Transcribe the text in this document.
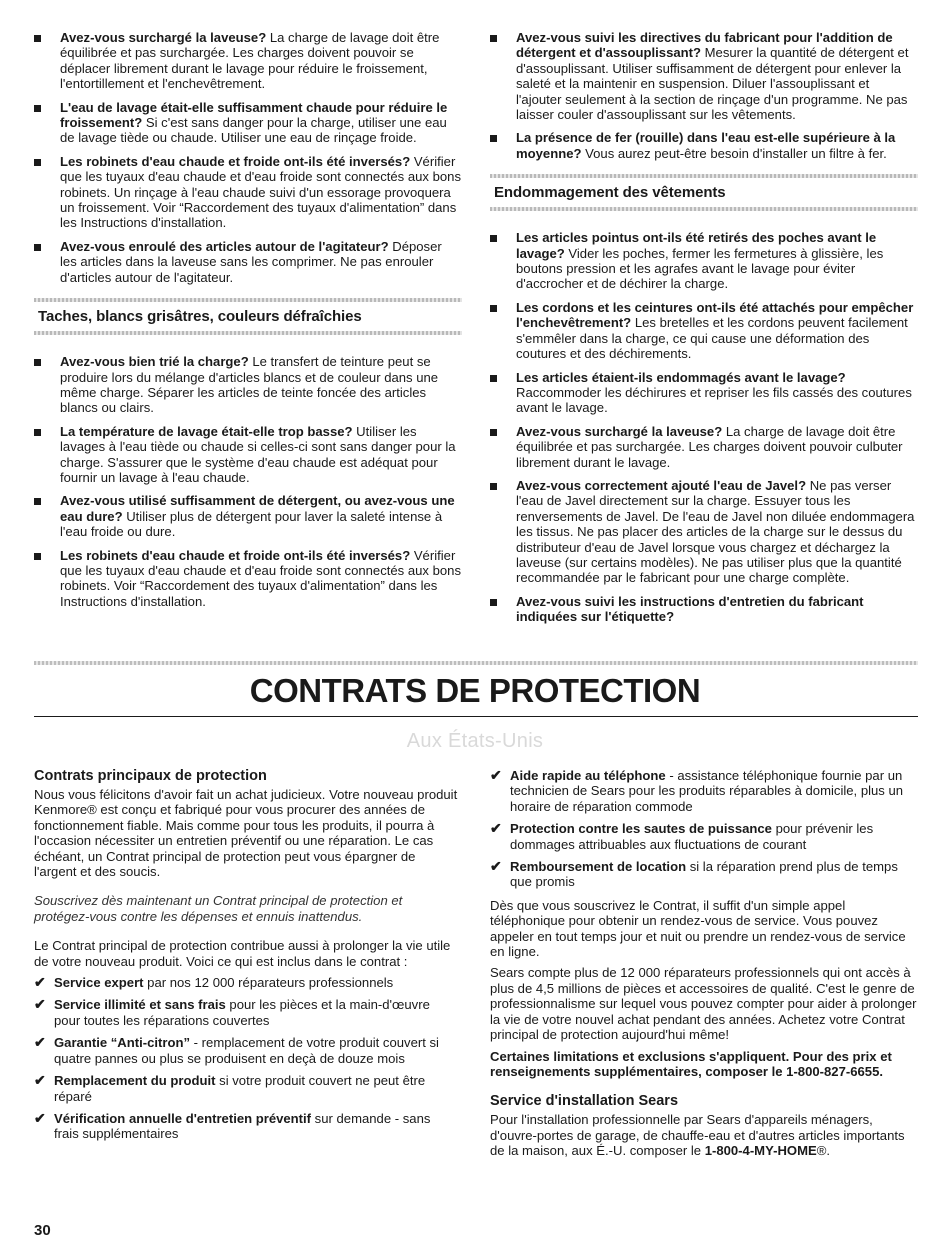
Avez-vous surchargé la laveuse? La charge de lavage doit être équilibrée et pas surchargée. Les charges doivent pouvoir se déplacer librement durant le lavage pour réduire le froissement, l'entortillement et l'enchevêtrement.
L'eau de lavage était-elle suffisamment chaude pour réduire le froissement? Si c'est sans danger pour la charge, utiliser une eau de lavage tiède ou chaude. Utiliser une eau de rinçage froide.
Les robinets d'eau chaude et froide ont-ils été inversés? Vérifier que les tuyaux d'eau chaude et d'eau froide sont connectés aux bons robinets. Un rinçage à l'eau chaude suivi d'un essorage provoquera un froissement. Voir “Raccordement des tuyaux d'alimentation” dans les Instructions d'installation.
Avez-vous enroulé des articles autour de l'agitateur? Déposer les articles dans la laveuse sans les comprimer. Ne pas enrouler d'articles autour de l'agitateur.
Taches, blancs grisâtres, couleurs défraîchies
Avez-vous bien trié la charge? Le transfert de teinture peut se produire lors du mélange d'articles blancs et de couleur dans une même charge. Séparer les articles de teinte foncée des articles blancs ou clairs.
La température de lavage était-elle trop basse? Utiliser les lavages à l'eau tiède ou chaude si celles-ci sont sans danger pour la charge. S'assurer que le système d'eau chaude est adéquat pour fournir un lavage à l'eau chaude.
Avez-vous utilisé suffisamment de détergent, ou avez-vous une eau dure? Utiliser plus de détergent pour laver la saleté intense à l'eau froide ou dure.
Les robinets d'eau chaude et froide ont-ils été inversés? Vérifier que les tuyaux d'eau chaude et d'eau froide sont connectés aux bons robinets. Voir “Raccordement des tuyaux d'alimentation” dans les Instructions d'installation.
Avez-vous suivi les directives du fabricant pour l'addition de détergent et d'assouplissant? Mesurer la quantité de détergent et d'assouplissant. Utiliser suffisamment de détergent pour enlever la saleté et la maintenir en suspension. Diluer l'assouplissant et l'ajouter seulement à la section de rinçage d'un programme. Ne pas laisser couler d'assouplissant sur les vêtements.
La présence de fer (rouille) dans l'eau est-elle supérieure à la moyenne? Vous aurez peut-être besoin d'installer un filtre à fer.
Endommagement des vêtements
Les articles pointus ont-ils été retirés des poches avant le lavage? Vider les poches, fermer les fermetures à glissière, les boutons pression et les agrafes avant le lavage pour éviter d'accrocher et de déchirer la charge.
Les cordons et les ceintures ont-ils été attachés pour empêcher l'enchevêtrement? Les bretelles et les cordons peuvent facilement s'emmêler dans la charge, ce qui cause une déformation des coutures et des déchirements.
Les articles étaient-ils endommagés avant le lavage? Raccommoder les déchirures et repriser les fils cassés des coutures avant le lavage.
Avez-vous surchargé la laveuse? La charge de lavage doit être équilibrée et pas surchargée. Les charges doivent pouvoir culbuter librement durant le lavage.
Avez-vous correctement ajouté l'eau de Javel? Ne pas verser l'eau de Javel directement sur la charge. Essuyer tous les renversements de Javel. De l'eau de Javel non diluée endommagera les tissus. Ne pas placer des articles de la charge sur le dessus du distributeur d'eau de Javel lorsque vous chargez et déchargez la laveuse (sur certains modèles). Ne pas utiliser plus que la quantité recommandée par le fabricant pour une charge complète.
Avez-vous suivi les instructions d'entretien du fabricant indiquées sur l'étiquette?
CONTRATS DE PROTECTION
Aux États-Unis
Contrats principaux de protection

Nous vous félicitons d'avoir fait un achat judicieux. Votre nouveau produit Kenmore® est conçu et fabriqué pour vous procurer des années de fonctionnement fiable. Mais comme pour tous les produits, il pourra à l'occasion nécessiter un entretien préventif ou une réparation. Le cas échéant, un Contrat principal de protection peut vous épargner de l'argent et des soucis.

Souscrivez dès maintenant un Contrat principal de protection et protégez-vous contre les dépenses et ennuis inattendus.

Le Contrat principal de protection contribue aussi à prolonger la vie utile de votre nouveau produit. Voici ce qui est inclus dans le contrat :

✔ Service expert par nos 12 000 réparateurs professionnels
✔ Service illimité et sans frais pour les pièces et la main-d'œuvre pour toutes les réparations couvertes
✔ Garantie “Anti-citron” - remplacement de votre produit couvert si quatre pannes ou plus se produisent en deçà de douze mois
✔ Remplacement du produit si votre produit couvert ne peut être réparé
✔ Vérification annuelle d'entretien préventif sur demande - sans frais supplémentaires
✔ Aide rapide au téléphone - assistance téléphonique fournie par un technicien de Sears pour les produits réparables à domicile, plus un horaire de réparation commode
✔ Protection contre les sautes de puissance pour prévenir les dommages attribuables aux fluctuations de courant
✔ Remboursement de location si la réparation prend plus de temps que promis

Dès que vous souscrivez le Contrat, il suffit d'un simple appel téléphonique pour obtenir un rendez-vous de service. Vous pouvez appeler en tout temps jour et nuit ou prendre un rendez-vous de service en ligne.

Sears compte plus de 12 000 réparateurs professionnels qui ont accès à plus de 4,5 millions de pièces et accessoires de qualité. C'est le genre de professionnalisme sur lequel vous pouvez compter pour aider à prolonger la vie de votre nouvel achat pendant des années. Achetez votre Contrat principal de protection aujourd'hui même!

Certaines limitations et exclusions s'appliquent. Pour des prix et renseignements supplémentaires, composer le 1-800-827-6655.

Service d'installation Sears

Pour l'installation professionnelle par Sears d'appareils ménagers, d'ouvre-portes de garage, de chauffe-eau et d'autres articles importants de la maison, aux É.-U. composer le 1-800-4-MY-HOME®.

30
